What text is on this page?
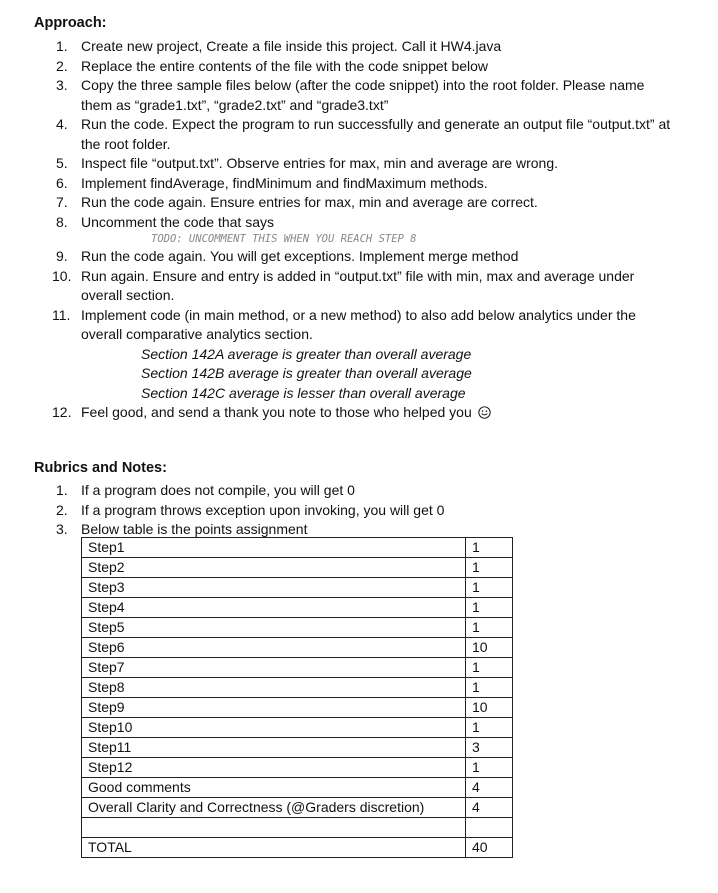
Approach:
1. Create new project, Create a file inside this project. Call it HW4.java
2. Replace the entire contents of the file with the code snippet below
3. Copy the three sample files below (after the code snippet) into the root folder. Please name them as “grade1.txt”, “grade2.txt” and “grade3.txt”
4. Run the code. Expect the program to run successfully and generate an output file “output.txt” at the root folder.
5. Inspect file “output.txt”. Observe entries for max, min and average are wrong.
6. Implement findAverage, findMinimum and findMaximum methods.
7. Run the code again. Ensure entries for max, min and average are correct.
8. Uncomment the code that says
TODO: UNCOMMENT THIS WHEN YOU REACH STEP 8
9. Run the code again. You will get exceptions. Implement merge method
10. Run again. Ensure and entry is added in “output.txt” file with min, max and average under overall section.
11. Implement code (in main method, or a new method) to also add below analytics under the overall comparative analytics section.
Section 142A average is greater than overall average
Section 142B average is greater than overall average
Section 142C average is lesser than overall average
12. Feel good, and send a thank you note to those who helped you
Rubrics and Notes:
1. If a program does not compile, you will get 0
2. If a program throws exception upon invoking, you will get 0
3. Below table is the points assignment
Step1	1
Step2	1
Step3	1
Step4	1
Step5	1
Step6	10
Step7	1
Step8	1
Step9	10
Step10	1
Step11	3
Step12	1
Good comments	4
Overall Clarity and Correctness (@Graders discretion)	4

TOTAL	40
